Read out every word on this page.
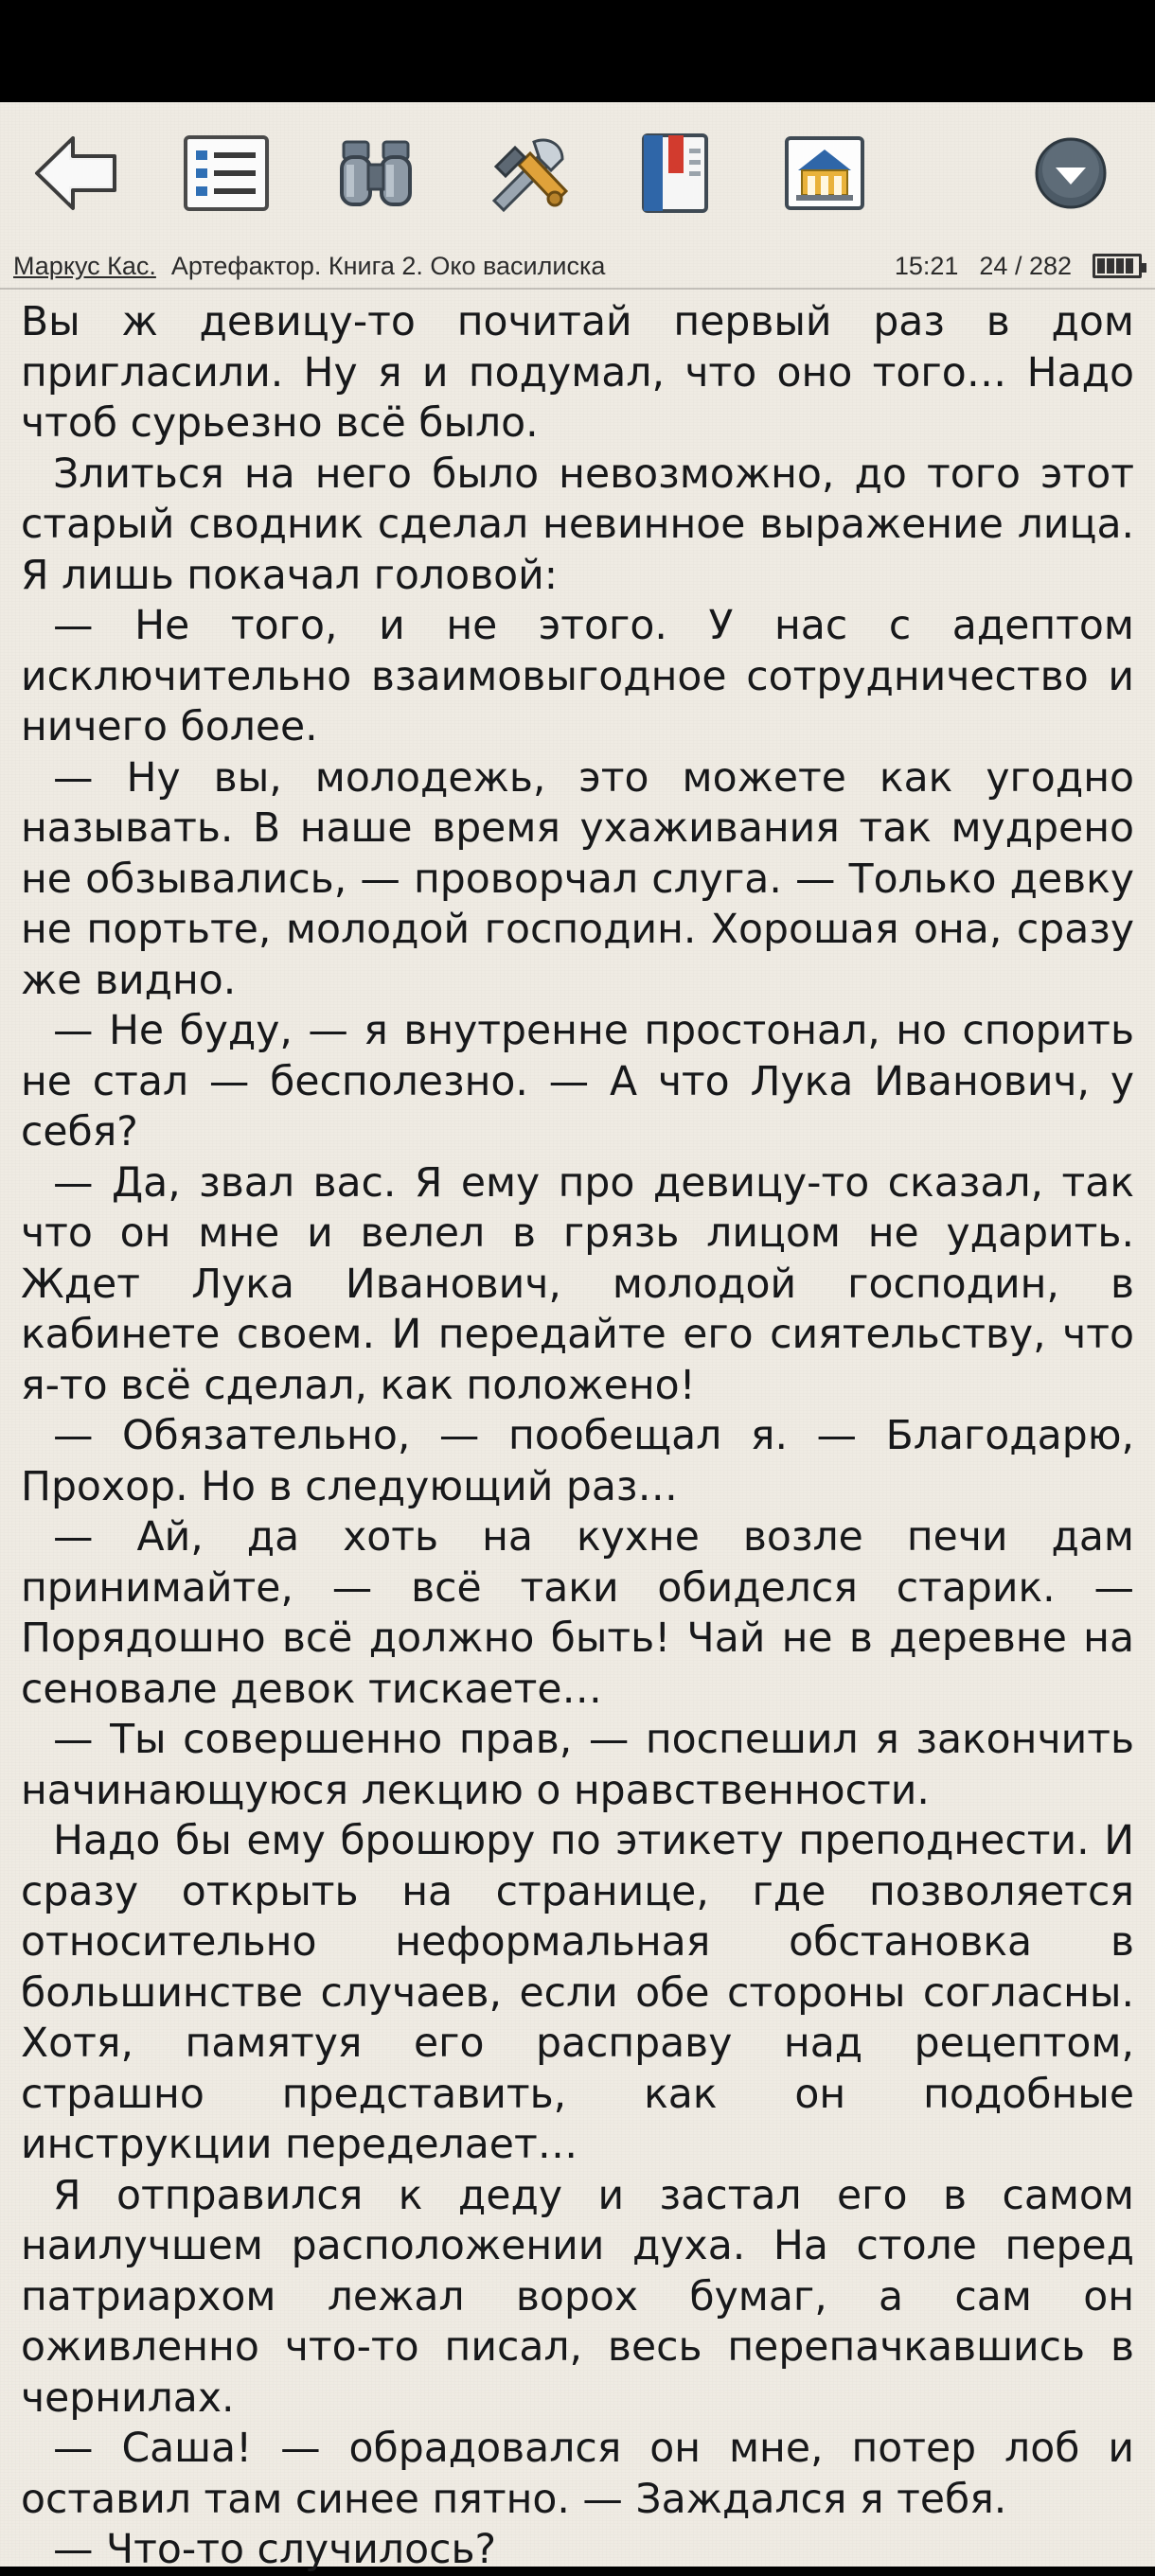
Маркус Кас. Артефактор. Книга 2. Око василиска	15:21 24 / 282

Вы ж девицу-то почитай первый раз в дом пригласили. Ну я и подумал, что оно того… Надо чтоб сурьезно всё было.

Злиться на него было невозможно, до того этот старый сводник сделал невинное выражение лица. Я лишь покачал головой:

— Не того, и не этого. У нас с адептом исключительно взаимовыгодное сотрудничество и ничего более.

— Ну вы, молодежь, это можете как угодно называть. В наше время ухаживания так мудрено не обзывались, — проворчал слуга. — Только девку не портьте, молодой господин. Хорошая она, сразу же видно.

— Не буду, — я внутренне простонал, но спорить не стал — бесполезно. — А что Лука Иванович, у себя?

— Да, звал вас. Я ему про девицу-то сказал, так что он мне и велел в грязь лицом не ударить. Ждет Лука Иванович, молодой господин, в кабинете своем. И передайте его сиятельству, что я-то всё сделал, как положено!

— Обязательно, — пообещал я. — Благодарю, Прохор. Но в следующий раз…

— Ай, да хоть на кухне возле печи дам принимайте, — всё таки обиделся старик. — Порядошно всё должно быть! Чай не в деревне на сеновале девок тискаете…

— Ты совершенно прав, — поспешил я закончить начинающуюся лекцию о нравственности.

Надо бы ему брошюру по этикету преподнести. И сразу открыть на странице, где позволяется относительно неформальная обстановка в большинстве случаев, если обе стороны согласны. Хотя, памятуя его расправу над рецептом, страшно представить, как он подобные инструкции переделает…

Я отправился к деду и застал его в самом наилучшем расположении духа. На столе перед патриархом лежал ворох бумаг, а сам он оживленно что-то писал, весь перепачкавшись в чернилах.

— Саша! — обрадовался он мне, потер лоб и оставил там синее пятно. — Заждался я тебя.

— Что-то случилось?
